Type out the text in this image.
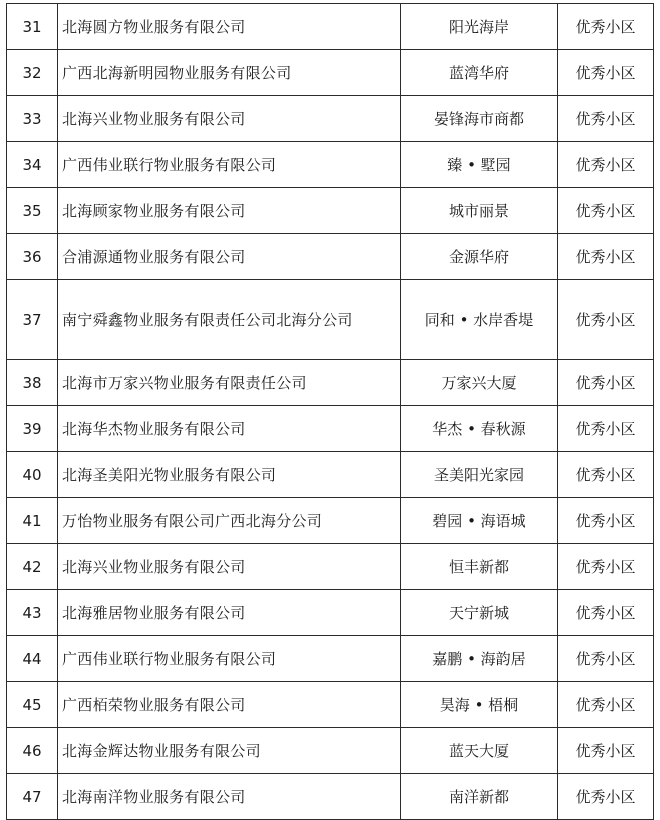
31	北海圆方物业服务有限公司	阳光海岸	优秀小区
32	广西北海新明园物业服务有限公司	蓝湾华府	优秀小区
33	北海兴业物业服务有限公司	晏锋海市商都	优秀小区
34	广西伟业联行物业服务有限公司	臻 • 墅园	优秀小区
35	北海顾家物业服务有限公司	城市丽景	优秀小区
36	合浦源通物业服务有限公司	金源华府	优秀小区
37	南宁舜鑫物业服务有限责任公司北海分公司	同和 • 水岸香堤	优秀小区
38	北海市万家兴物业服务有限责任公司	万家兴大厦	优秀小区
39	北海华杰物业服务有限公司	华杰 • 春秋源	优秀小区
40	北海圣美阳光物业服务有限公司	圣美阳光家园	优秀小区
41	万怡物业服务有限公司广西北海分公司	碧园 • 海语城	优秀小区
42	北海兴业物业服务有限公司	恒丰新都	优秀小区
43	北海雅居物业服务有限公司	天宁新城	优秀小区
44	广西伟业联行物业服务有限公司	嘉鹏 • 海韵居	优秀小区
45	广西栢荣物业服务有限公司	昊海 • 梧桐	优秀小区
46	北海金辉达物业服务有限公司	蓝天大厦	优秀小区
47	北海南洋物业服务有限公司	南洋新都	优秀小区
